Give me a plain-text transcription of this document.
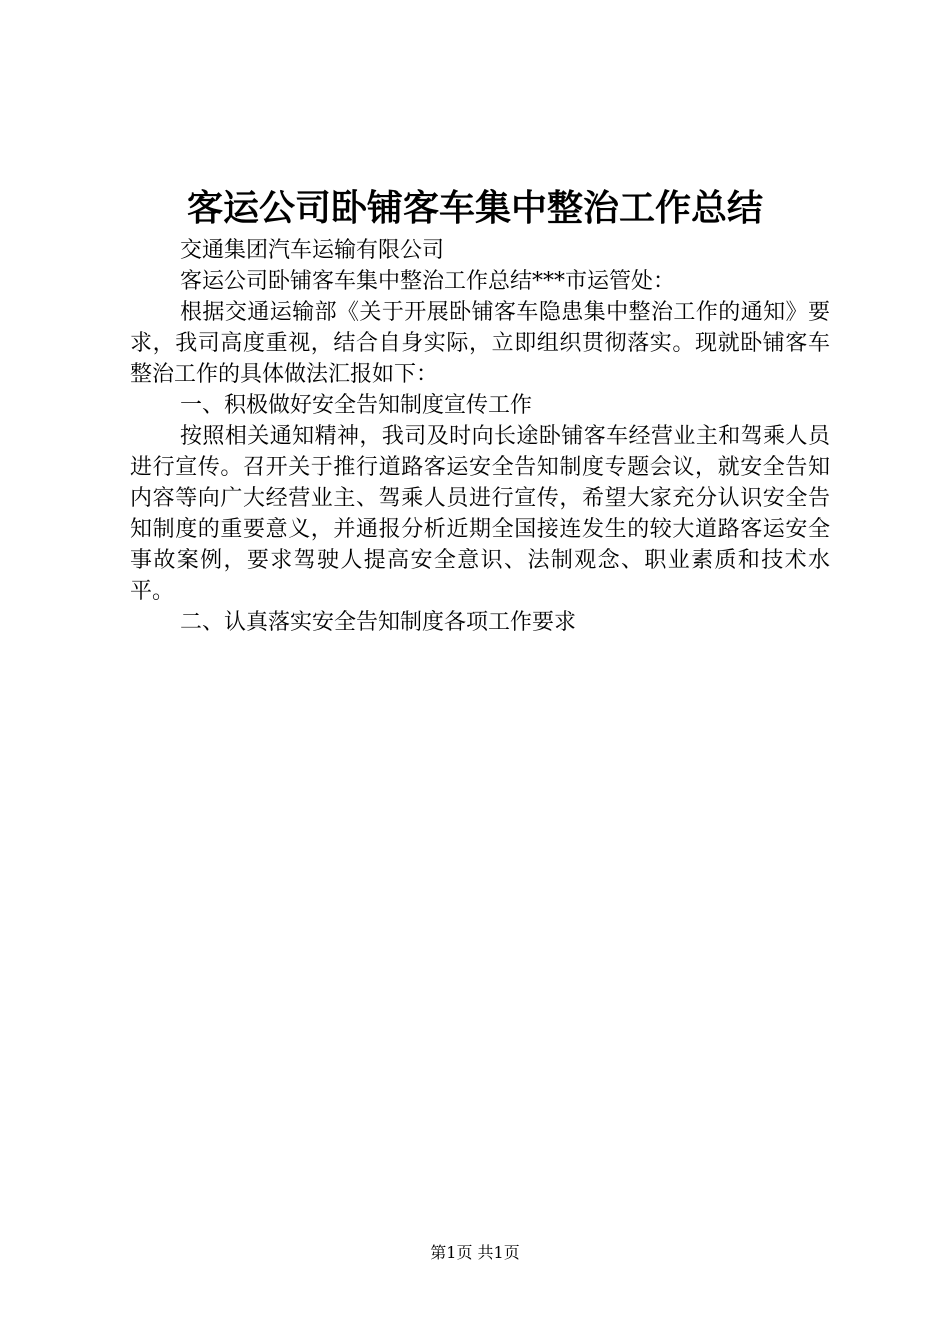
客运公司卧铺客车集中整治工作总结

交通集团汽车运输有限公司

客运公司卧铺客车集中整治工作总结***市运管处：

根据交通运输部《关于开展卧铺客车隐患集中整治工作的通知》要求，我司高度重视，结合自身实际，立即组织贯彻落实。现就卧铺客车整治工作的具体做法汇报如下：

一、积极做好安全告知制度宣传工作

按照相关通知精神，我司及时向长途卧铺客车经营业主和驾乘人员进行宣传。召开关于推行道路客运安全告知制度专题会议，就安全告知内容等向广大经营业主、驾乘人员进行宣传，希望大家充分认识安全告知制度的重要意义，并通报分析近期全国接连发生的较大道路客运安全事故案例，要求驾驶人提高安全意识、法制观念、职业素质和技术水平。

二、认真落实安全告知制度各项工作要求

第1页 共1页
